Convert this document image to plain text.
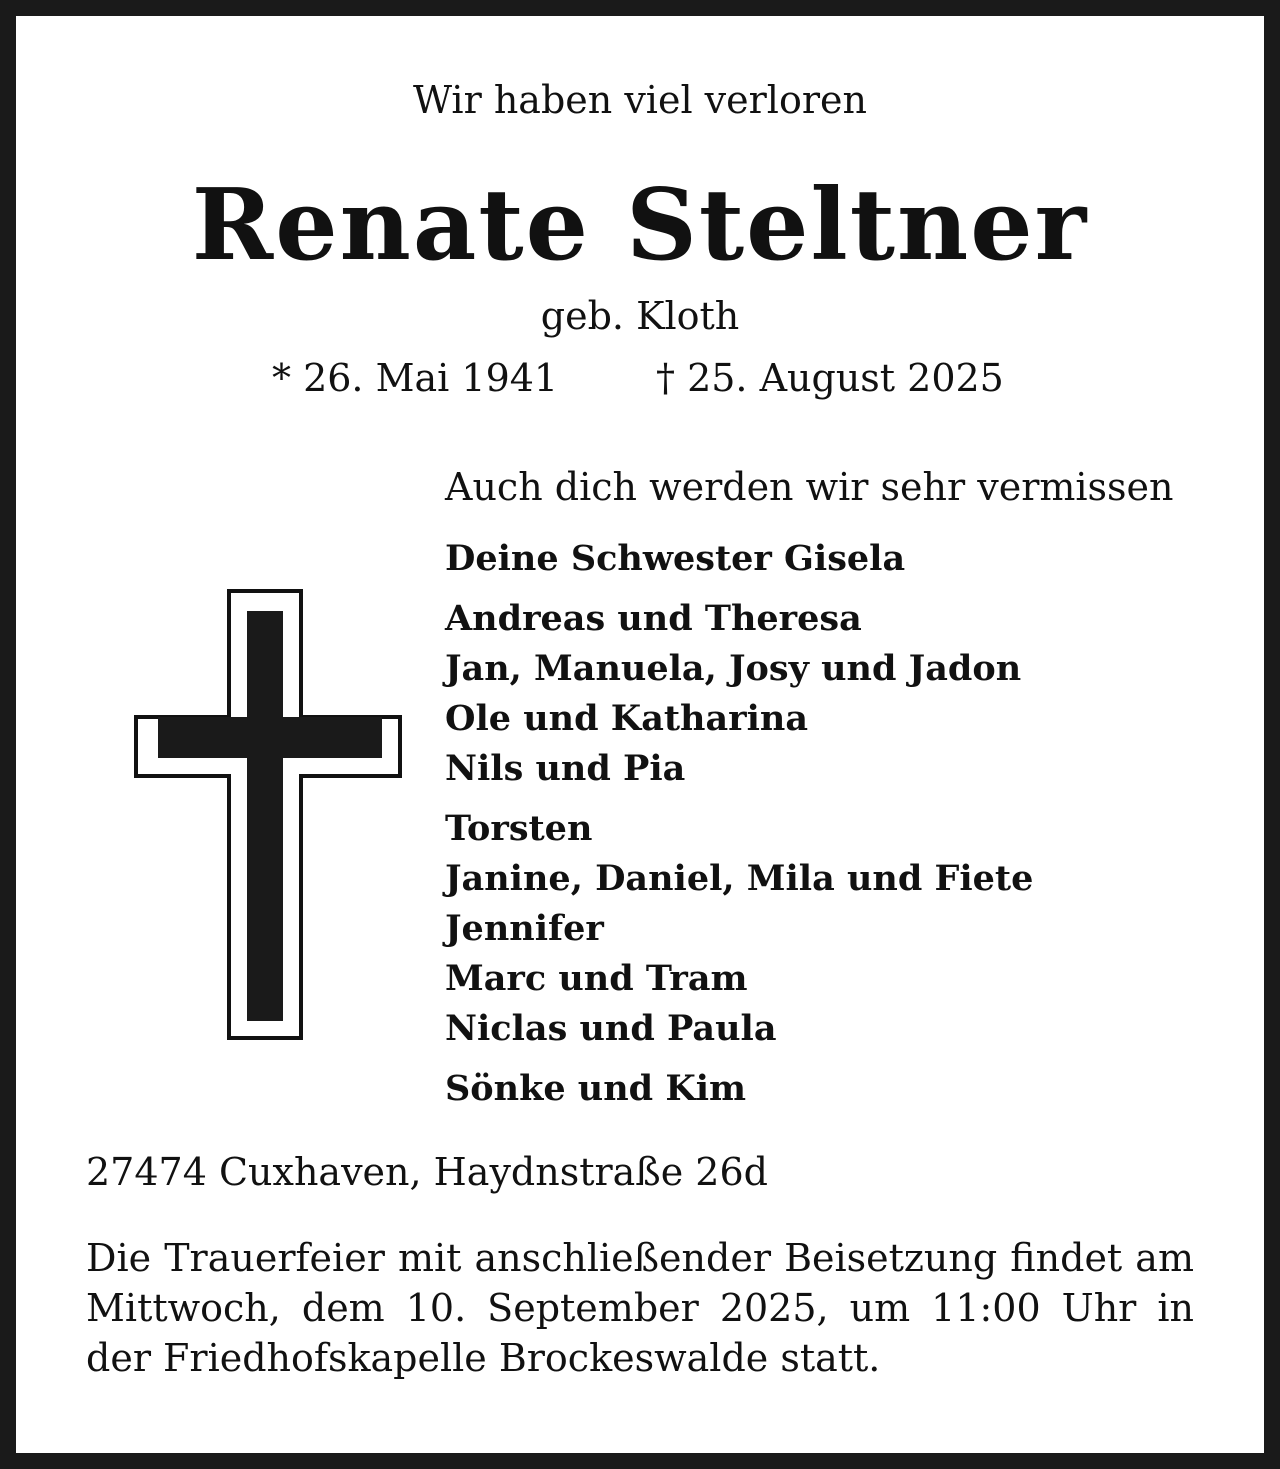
Wir haben viel verloren
Renate Steltner
geb. Kloth
* 26. Mai 1941	† 25. August 2025
Auch dich werden wir sehr vermissen
Deine Schwester Gisela
Andreas und Theresa
Jan, Manuela, Josy und Jadon
Ole und Katharina
Nils und Pia
Torsten
Janine, Daniel, Mila und Fiete
Jennifer
Marc und Tram
Niclas und Paula
Sönke und Kim
27474 Cuxhaven, Haydnstraße 26d
Die Trauerfeier mit anschließender Beisetzung findet am Mittwoch, dem 10. September 2025, um 11:00 Uhr in der Friedhofskapelle Brockeswalde statt.
